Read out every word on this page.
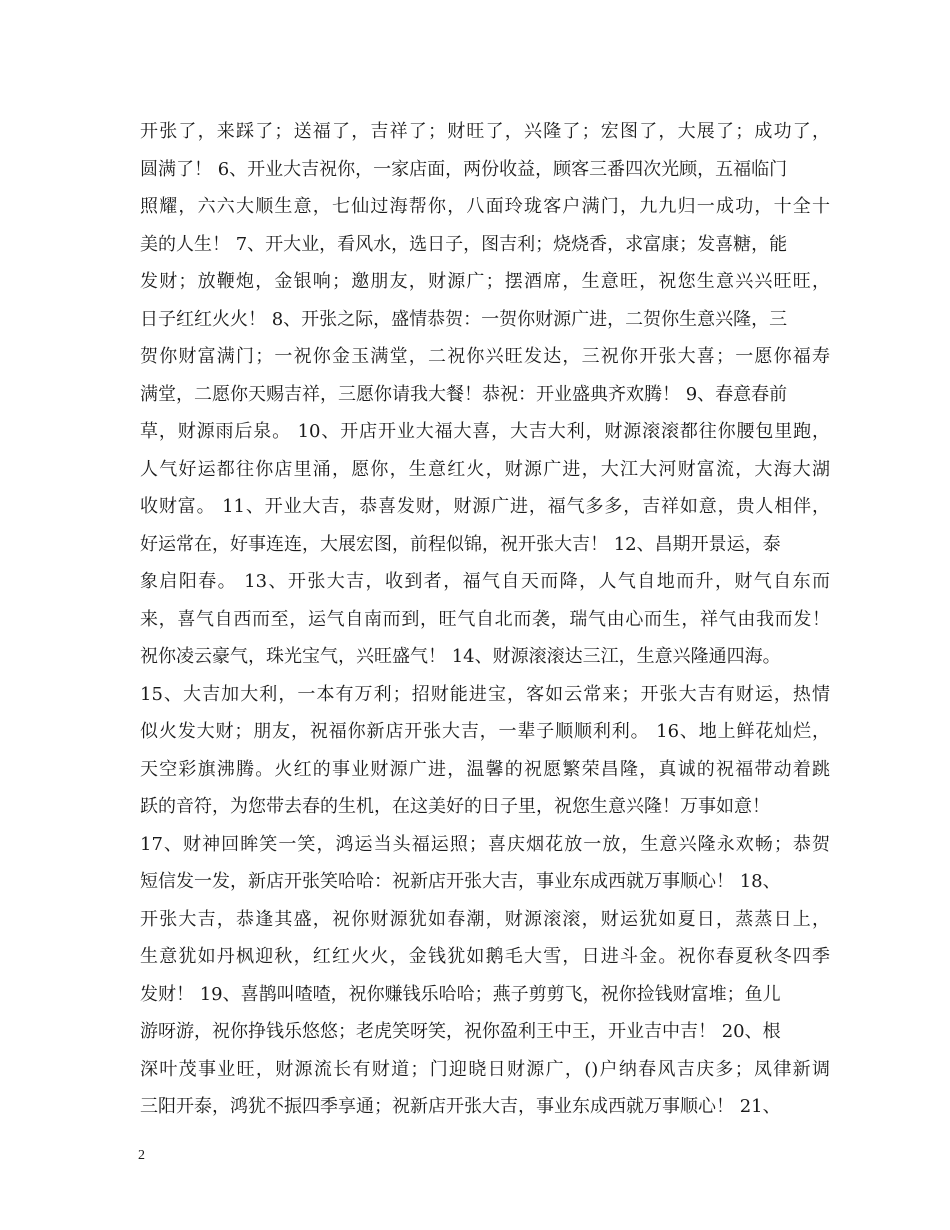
开张了，来踩了；送福了，吉祥了；财旺了，兴隆了；宏图了，大展了；成功了，
圆满了！ 6、开业大吉祝你，一家店面，两份收益，顾客三番四次光顾，五福临门
照耀，六六大顺生意，七仙过海帮你，八面玲珑客户满门，九九归一成功，十全十
美的人生！ 7、开大业，看风水，选日子，图吉利；烧烧香，求富康；发喜糖，能
发财；放鞭炮，金银响；邀朋友，财源广；摆酒席，生意旺，祝您生意兴兴旺旺，
日子红红火火！ 8、开张之际，盛情恭贺：一贺你财源广进，二贺你生意兴隆，三
贺你财富满门；一祝你金玉满堂，二祝你兴旺发达，三祝你开张大喜；一愿你福寿
满堂，二愿你天赐吉祥，三愿你请我大餐！恭祝：开业盛典齐欢腾！ 9、春意春前
草，财源雨后泉。 10、开店开业大福大喜，大吉大利，财源滚滚都往你腰包里跑，
人气好运都往你店里涌，愿你，生意红火，财源广进，大江大河财富流，大海大湖
收财富。 11、开业大吉，恭喜发财，财源广进，福气多多，吉祥如意，贵人相伴，
好运常在，好事连连，大展宏图，前程似锦，祝开张大吉！ 12、昌期开景运，泰
象启阳春。 13、开张大吉，收到者，福气自天而降，人气自地而升，财气自东而
来，喜气自西而至，运气自南而到，旺气自北而袭，瑞气由心而生，祥气由我而发！
祝你凌云豪气，珠光宝气，兴旺盛气！ 14、财源滚滚达三江，生意兴隆通四海。
15、大吉加大利，一本有万利；招财能进宝，客如云常来；开张大吉有财运，热情
似火发大财；朋友，祝福你新店开张大吉，一辈子顺顺利利。 16、地上鲜花灿烂，
天空彩旗沸腾。火红的事业财源广进，温馨的祝愿繁荣昌隆，真诚的祝福带动着跳
跃的音符，为您带去春的生机，在这美好的日子里，祝您生意兴隆！万事如意！
17、财神回眸笑一笑，鸿运当头福运照；喜庆烟花放一放，生意兴隆永欢畅；恭贺
短信发一发，新店开张笑哈哈：祝新店开张大吉，事业东成西就万事顺心！ 18、
开张大吉，恭逢其盛，祝你财源犹如春潮，财源滚滚，财运犹如夏日，蒸蒸日上，
生意犹如丹枫迎秋，红红火火，金钱犹如鹅毛大雪，日进斗金。祝你春夏秋冬四季
发财！ 19、喜鹊叫喳喳，祝你赚钱乐哈哈；燕子剪剪飞，祝你捡钱财富堆；鱼儿
游呀游，祝你挣钱乐悠悠；老虎笑呀笑，祝你盈利王中王，开业吉中吉！ 20、根
深叶茂事业旺，财源流长有财道；门迎晓日财源广，()户纳春风吉庆多；凤律新调
三阳开泰，鸿犹不振四季享通；祝新店开张大吉，事业东成西就万事顺心！ 21、
2
